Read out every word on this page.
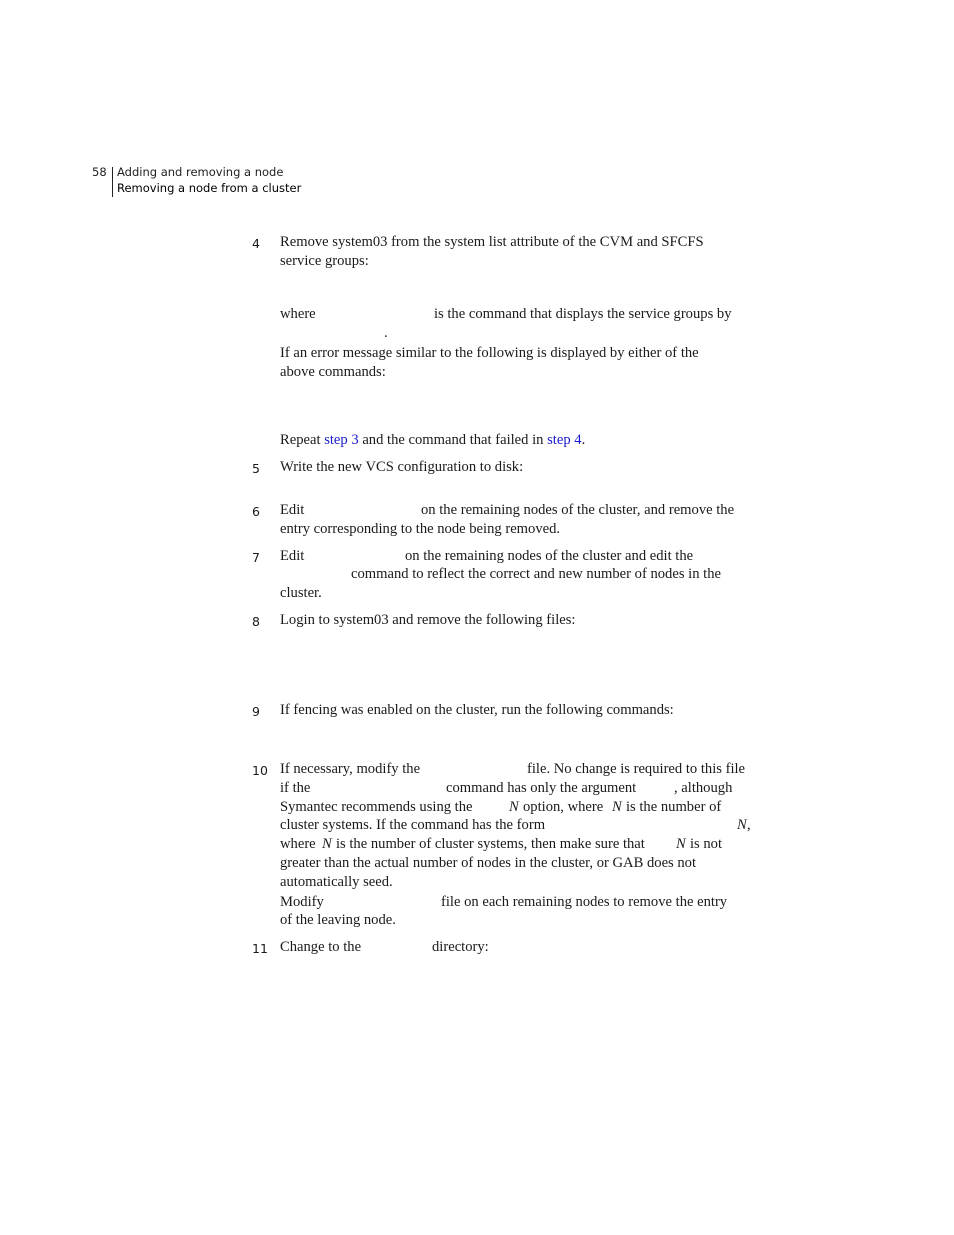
58 Adding and removing a node
Removing a node from a cluster
4 Remove system03 from the system list attribute of the CVM and SFCFS
service groups:
where	is the command that displays the service groups by
.
If an error message similar to the following is displayed by either of the
above commands:
Repeat step 3 and the command that failed in step 4.
5 Write the new VCS configuration to disk:
6 Edit	on the remaining nodes of the cluster, and remove the
entry corresponding to the node being removed.
7 Edit	on the remaining nodes of the cluster and edit the
command to reflect the correct and new number of nodes in the
cluster.
8 Login to system03 and remove the following files:
9 If fencing was enabled on the cluster, run the following commands:
10 If necessary, modify the	file. No change is required to this file
if the	command has only the argument	, although
Symantec recommends using the N option, where N is the number of
cluster systems. If the command has the form	N ,
where N is the number of cluster systems, then make sure that N is not
greater than the actual number of nodes in the cluster, or GAB does not
automatically seed.
Modify	file on each remaining nodes to remove the entry
of the leaving node.
11 Change to the	directory:
